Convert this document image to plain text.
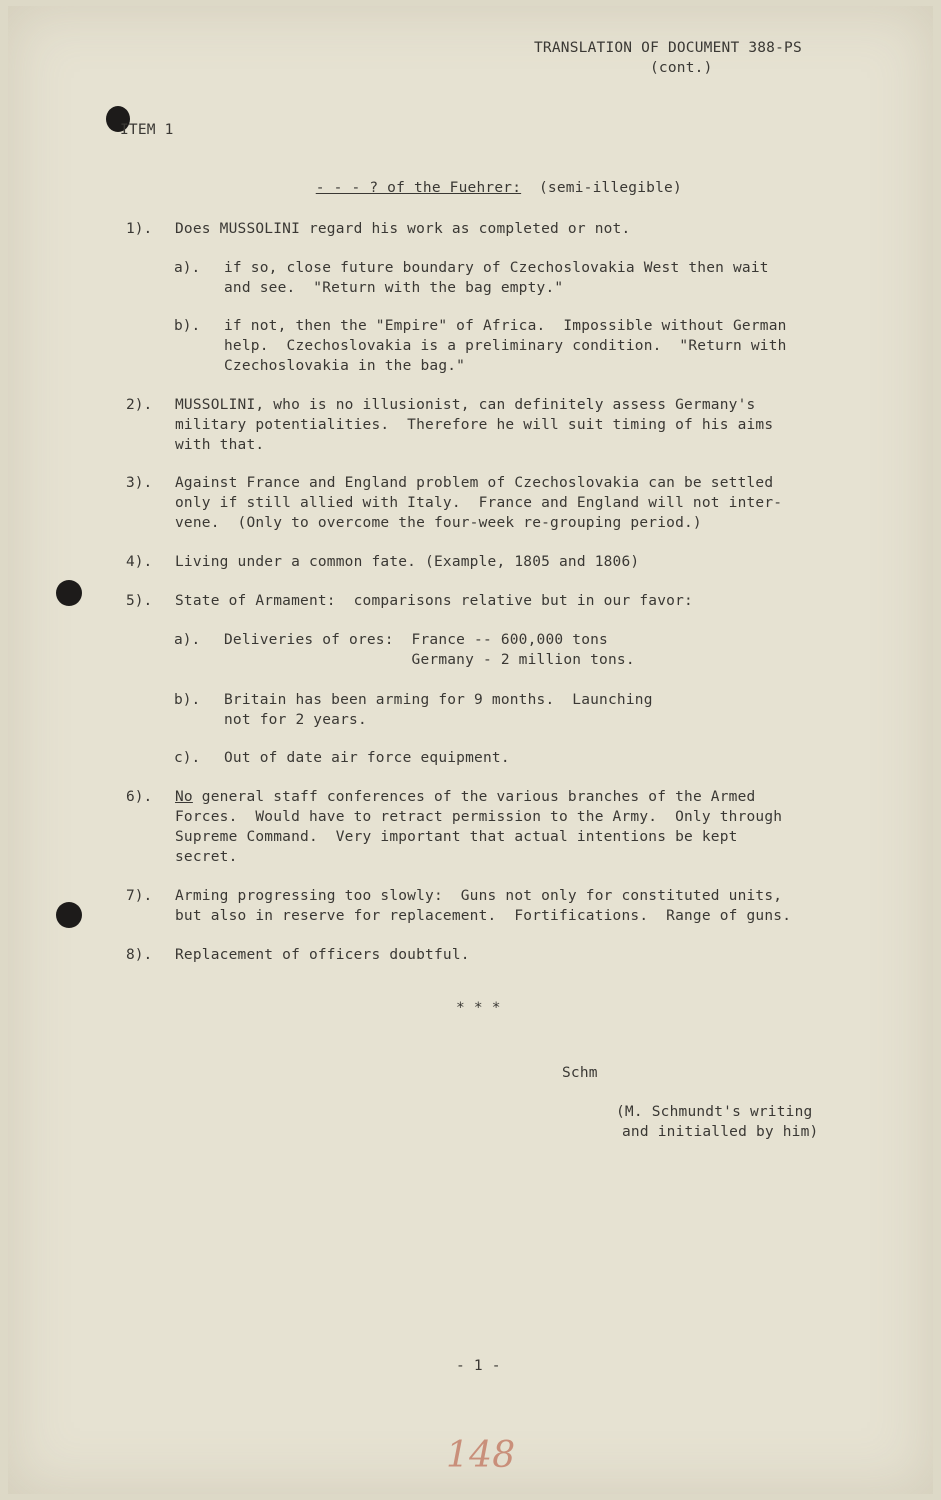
TRANSLATION OF DOCUMENT 388-PS
(cont.)
ITEM 1

- - - ? of the Fuehrer: (semi-illegible)

1). Does MUSSOLINI regard his work as completed or not.
a). if so, close future boundary of Czechoslovakia West then wait
and see.  "Return with the bag empty."
b). if not, then the "Empire" of Africa.  Impossible without German
help.  Czechoslovakia is a preliminary condition.  "Return with
Czechoslovakia in the bag."
2). MUSSOLINI, who is no illusionist, can definitely assess Germany's
military potentialities.  Therefore he will suit timing of his aims
with that.
3). Against France and England problem of Czechoslovakia can be settled
only if still allied with Italy.  France and England will not inter-
vene.  (Only to overcome the four-week re-grouping period.)
4). Living under a common fate. (Example, 1805 and 1806)
5). State of Armament:  comparisons relative but in our favor:
a). Deliveries of ores:  France -- 600,000 tons
Germany - 2 million tons.
b). Britain has been arming for 9 months.  Launching
not for 2 years.
c). Out of date air force equipment.
6). No general staff conferences of the various branches of the Armed
Forces.  Would have to retract permission to the Army.  Only through
Supreme Command.  Very important that actual intentions be kept
secret.
7). Arming progressing too slowly:  Guns not only for constituted units,
but also in reserve for replacement.  Fortifications.  Range of guns.
8). Replacement of officers doubtful.
* * *
Schm
(M. Schmundt's writing
and initialled by him)
- 1 -
148
